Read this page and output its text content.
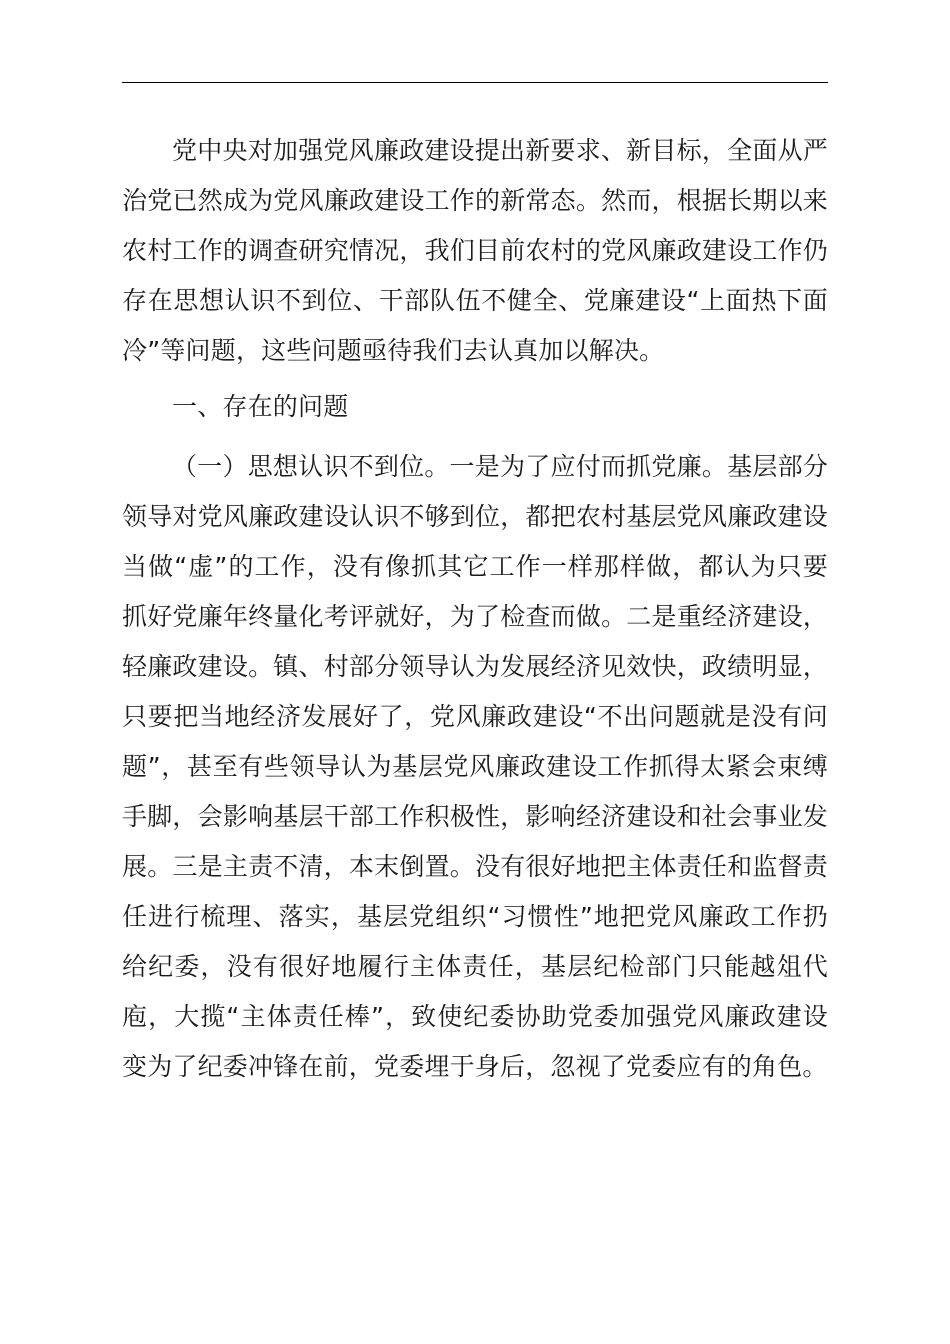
党中央对加强党风廉政建设提出新要求、新目标，全面从严治党已然成为党风廉政建设工作的新常态。然而，根据长期以来农村工作的调查研究情况，我们目前农村的党风廉政建设工作仍存在思想认识不到位、干部队伍不健全、党廉建设“上面热下面冷”等问题，这些问题亟待我们去认真加以解决。

一、存在的问题

（一）思想认识不到位。一是为了应付而抓党廉。基层部分领导对党风廉政建设认识不够到位，都把农村基层党风廉政建设当做“虚”的工作，没有像抓其它工作一样那样做，都认为只要抓好党廉年终量化考评就好，为了检查而做。二是重经济建设，轻廉政建设。镇、村部分领导认为发展经济见效快，政绩明显，只要把当地经济发展好了，党风廉政建设“不出问题就是没有问题”，甚至有些领导认为基层党风廉政建设工作抓得太紧会束缚手脚，会影响基层干部工作积极性，影响经济建设和社会事业发展。三是主责不清，本末倒置。没有很好地把主体责任和监督责任进行梳理、落实，基层党组织“习惯性”地把党风廉政工作扔给纪委，没有很好地履行主体责任，基层纪检部门只能越俎代庖，大揽“主体责任棒”，致使纪委协助党委加强党风廉政建设变为了纪委冲锋在前，党委埋于身后，忽视了党委应有的角色。
